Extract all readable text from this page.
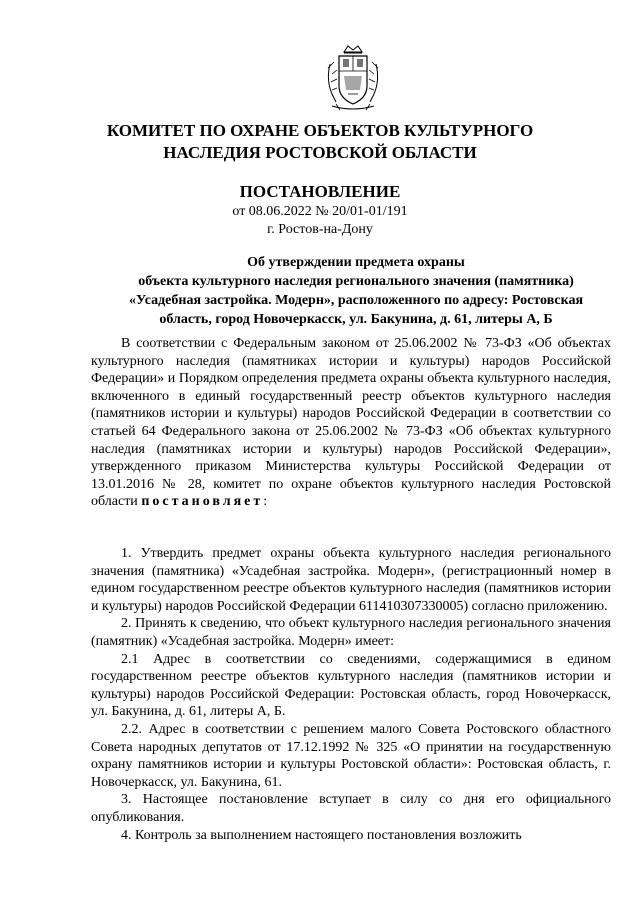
КОМИТЕТ ПО ОХРАНЕ ОБЪЕКТОВ КУЛЬТУРНОГО
НАСЛЕДИЯ РОСТОВСКОЙ ОБЛАСТИ
ПОСТАНОВЛЕНИЕ
от 08.06.2022 № 20/01-01/191
г. Ростов-на-Дону
Об утверждении предмета охраны
объекта культурного наследия регионального значения (памятника)
«Усадебная застройка. Модерн», расположенного по адресу: Ростовская
область, город Новочеркасск, ул. Бакунина, д. 61, литеры А, Б

В соответствии с Федеральным законом от 25.06.2002 № 73-ФЗ «Об объектах культурного наследия (памятниках истории и культуры) народов Российской Федерации» и Порядком определения предмета охраны объекта культурного наследия, включенного в единый государственный реестр объектов культурного наследия (памятников истории и культуры) народов Российской Федерации в соответствии со статьей 64 Федерального закона от 25.06.2002 № 73-ФЗ «Об объектах культурного наследия (памятниках истории и культуры) народов Российской Федерации», утвержденного приказом Министерства культуры Российской Федерации от 13.01.2016 № 28, комитет по охране объектов культурного наследия Ростовской области постановляет:

1. Утвердить предмет охраны объекта культурного наследия регионального значения (памятника) «Усадебная застройка. Модерн», (регистрационный номер в едином государственном реестре объектов культурного наследия (памятников истории и культуры) народов Российской Федерации 611410307330005) согласно приложению.

2. Принять к сведению, что объект культурного наследия регионального значения (памятник) «Усадебная застройка. Модерн» имеет:

2.1 Адрес в соответствии со сведениями, содержащимися в едином государственном реестре объектов культурного наследия (памятников истории и культуры) народов Российской Федерации: Ростовская область, город Новочеркасск, ул. Бакунина, д. 61, литеры А, Б.

2.2. Адрес в соответствии с решением малого Совета Ростовского областного Совета народных депутатов от 17.12.1992 № 325 «О принятии на государственную охрану памятников истории и культуры Ростовской области»: Ростовская область, г. Новочеркасск, ул. Бакунина, 61.

3. Настоящее постановление вступает в силу со дня его официального опубликования.

4. Контроль за выполнением настоящего постановления возложить
